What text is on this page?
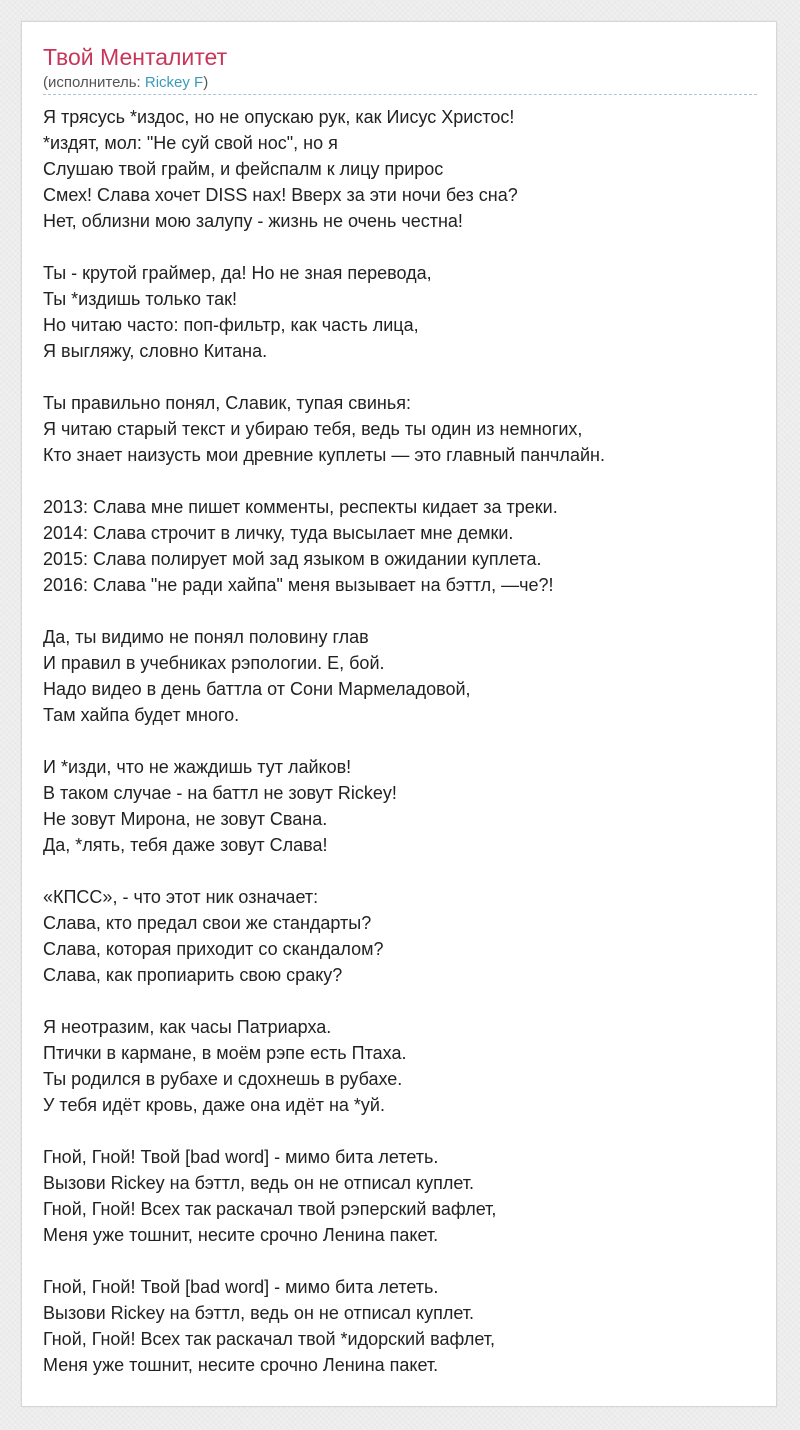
Твой Менталитет
(исполнитель: Rickey F)
Я трясусь *издос, но не опускаю рук, как Иисус Христос!
*издят, мол: "Не суй свой нос", но я
Слушаю твой грайм, и фейспалм к лицу прирос
Смех! Слава хочет DISS нах! Вверх за эти ночи без сна?
Нет, облизни мою залупу - жизнь не очень честна!
Ты - крутой граймер, да! Но не зная перевода,
Ты *издишь только так!
Но читаю часто: поп-фильтр, как часть лица,
Я выгляжу, словно Китана.
Ты правильно понял, Славик, тупая свинья:
Я читаю старый текст и убираю тебя, ведь ты один из немногих,
Кто знает наизусть мои древние куплеты — это главный панчлайн.
2013: Слава мне пишет комменты, респекты кидает за треки.
2014: Слава строчит в личку, туда высылает мне демки.
2015: Слава полирует мой зад языком в ожидании куплета.
2016: Слава "не ради хайпа" меня вызывает на бэттл, —че?!
Да, ты видимо не понял половину глав
И правил в учебниках рэпологии. Е, бой.
Надо видео в день баттла от Сони Мармеладовой,
Там хайпа будет много.
И *изди, что не жаждишь тут лайков!
В таком случае - на баттл не зовут Rickey!
Не зовут Мирона, не зовут Свана.
Да, *лять, тебя даже зовут Слава!
«КПСС», - что этот ник означает:
Слава, кто предал свои же стандарты?
Слава, которая приходит со скандалом?
Слава, как пропиарить свою сраку?
Я неотразим, как часы Патриарха.
Птички в кармане, в моём рэпе есть Птаха.
Ты родился в рубахе и сдохнешь в рубахе.
У тебя идёт кровь, даже она идёт на *уй.
Гной, Гной! Твой [bad word] - мимо бита лететь.
Вызови Rickey на бэттл, ведь он не отписал куплет.
Гной, Гной! Всех так раскачал твой рэперский вафлет,
Меня уже тошнит, несите срочно Ленина пакет.
Гной, Гной! Твой [bad word] - мимо бита лететь.
Вызови Rickey на бэттл, ведь он не отписал куплет.
Гной, Гной! Всех так раскачал твой *идорский вафлет,
Меня уже тошнит, несите срочно Ленина пакет.
